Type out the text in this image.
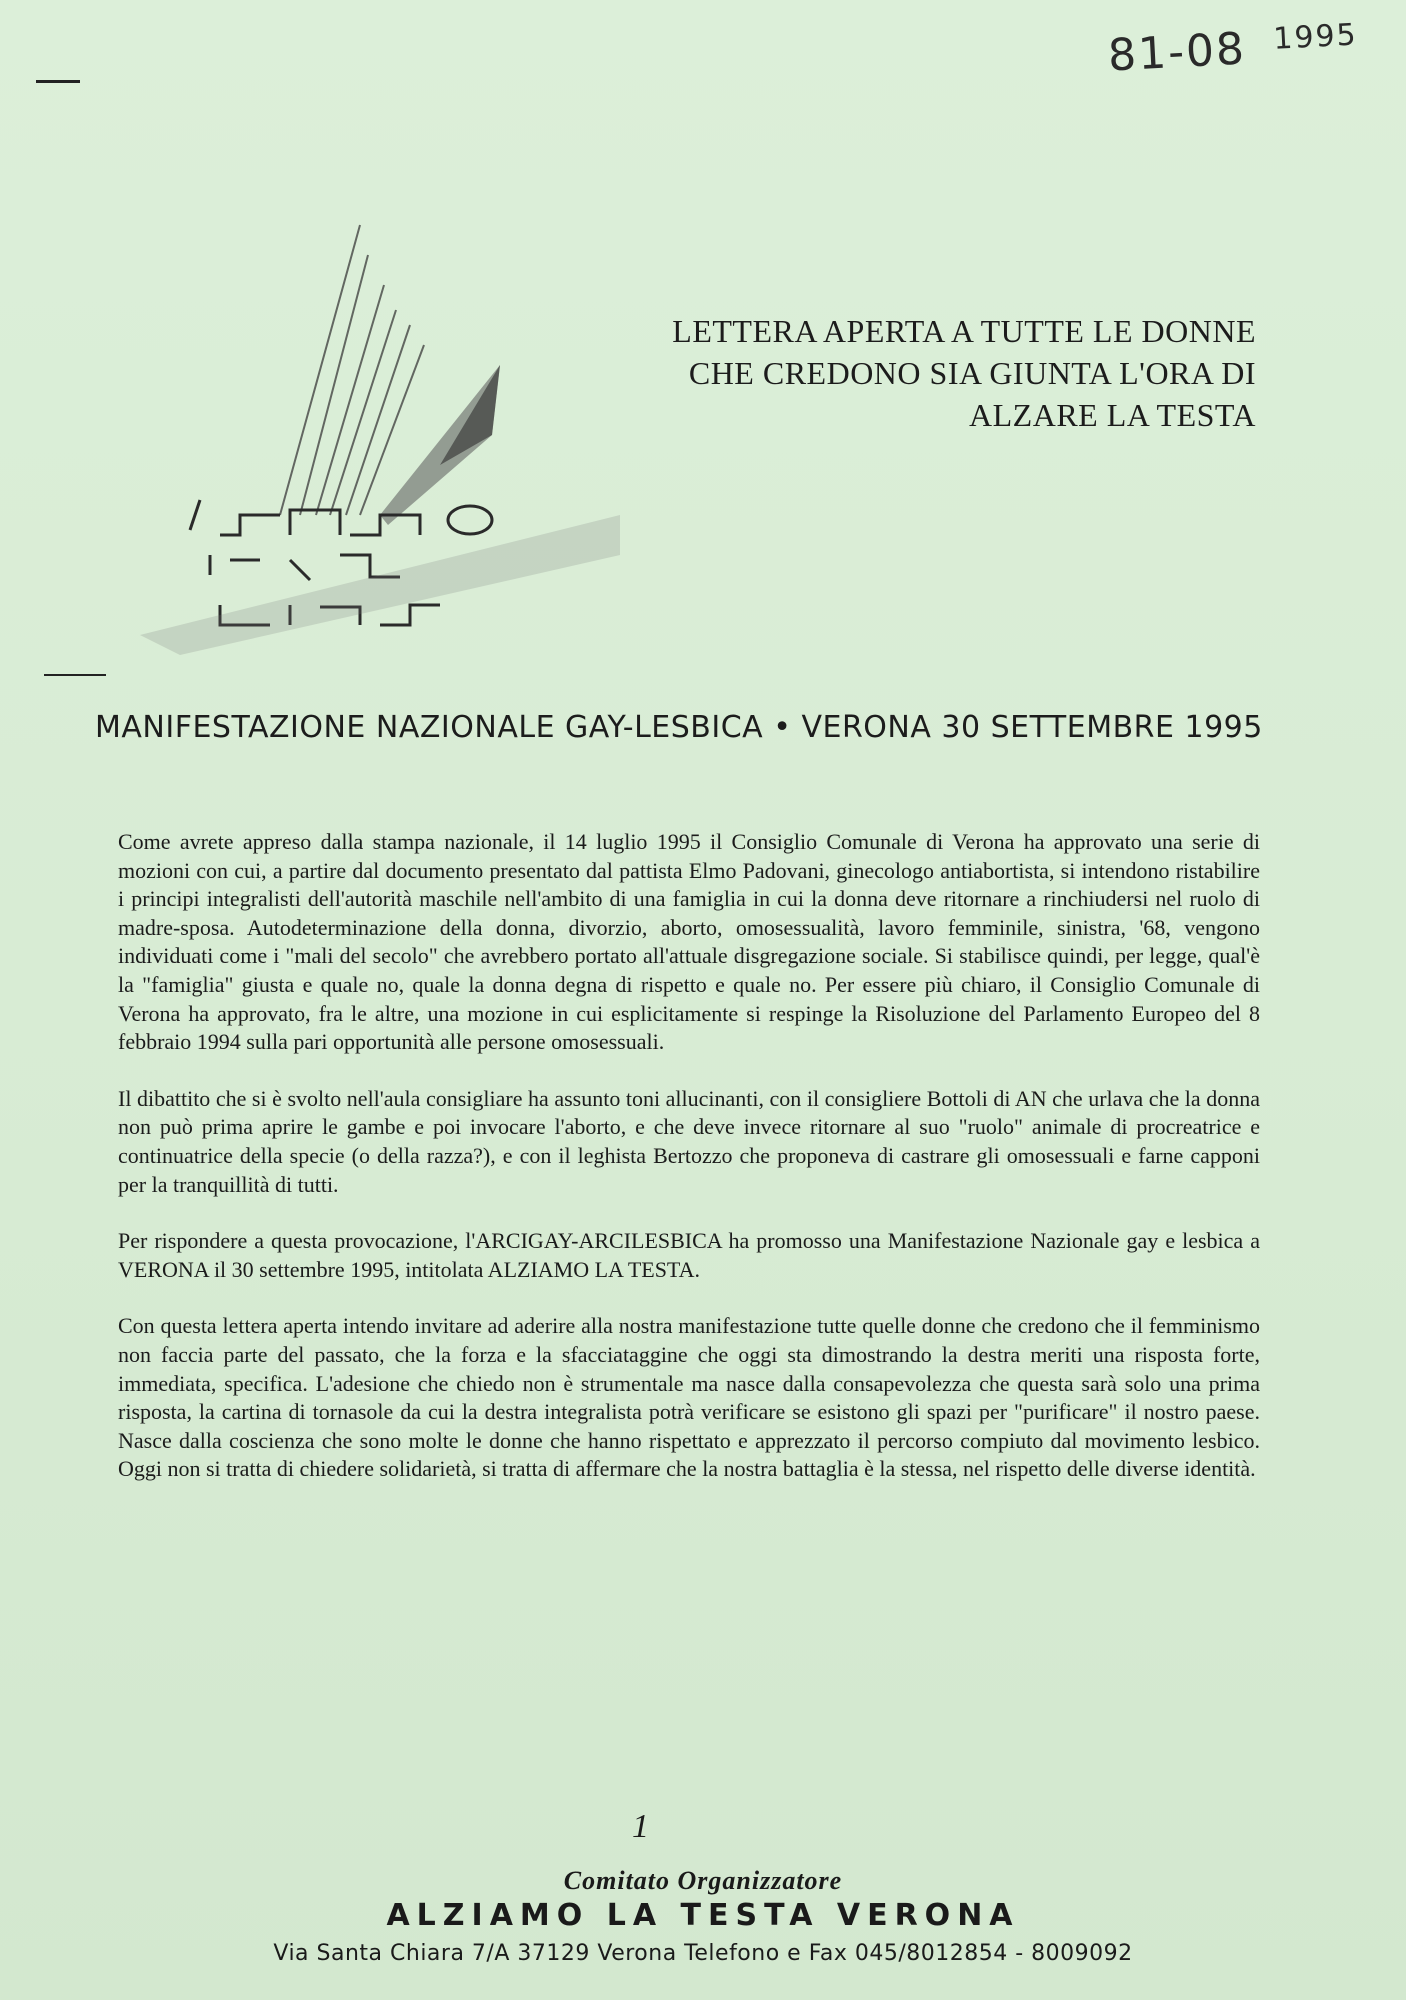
81-08 $^{1995}$
LETTERA APERTA A TUTTE LE DONNE
CHE CREDONO SIA GIUNTA L'ORA DI
ALZARE LA TESTA
MANIFESTAZIONE NAZIONALE GAY-LESBICA • VERONA 30 SETTEMBRE 1995

Come avrete appreso dalla stampa nazionale, il 14 luglio 1995 il Consiglio Comunale di Verona ha approvato una serie di mozioni con cui, a partire dal documento presentato dal pattista Elmo Padovani, ginecologo antiabortista, si intendono ristabilire i principi integralisti dell'autorità maschile nell'ambito di una famiglia in cui la donna deve ritornare a rinchiudersi nel ruolo di madre-sposa. Autodeterminazione della donna, divorzio, aborto, omosessualità, lavoro femminile, sinistra, '68, vengono individuati come i "mali del secolo" che avrebbero portato all'attuale disgregazione sociale. Si stabilisce quindi, per legge, qual'è la "famiglia" giusta e quale no, quale la donna degna di rispetto e quale no. Per essere più chiaro, il Consiglio Comunale di Verona ha approvato, fra le altre, una mozione in cui esplicitamente si respinge la Risoluzione del Parlamento Europeo del 8 febbraio 1994 sulla pari opportunità alle persone omosessuali.

Il dibattito che si è svolto nell'aula consigliare ha assunto toni allucinanti, con il consigliere Bottoli di AN che urlava che la donna non può prima aprire le gambe e poi invocare l'aborto, e che deve invece ritornare al suo "ruolo" animale di procreatrice e continuatrice della specie (o della razza?), e con il leghista Bertozzo che proponeva di castrare gli omosessuali e farne capponi per la tranquillità di tutti.

Per rispondere a questa provocazione, l'ARCIGAY-ARCILESBICA ha promosso una Manifestazione Nazionale gay e lesbica a VERONA il 30 settembre 1995, intitolata ALZIAMO LA TESTA.

Con questa lettera aperta intendo invitare ad aderire alla nostra manifestazione tutte quelle donne che credono che il femminismo non faccia parte del passato, che la forza e la sfacciataggine che oggi sta dimostrando la destra meriti una risposta forte, immediata, specifica. L'adesione che chiedo non è strumentale ma nasce dalla consapevolezza che questa sarà solo una prima risposta, la cartina di tornasole da cui la destra integralista potrà verificare se esistono gli spazi per "purificare" il nostro paese. Nasce dalla coscienza che sono molte le donne che hanno rispettato e apprezzato il percorso compiuto dal movimento lesbico. Oggi non si tratta di chiedere solidarietà, si tratta di affermare che la nostra battaglia è la stessa, nel rispetto delle diverse identità.

1
Comitato Organizzatore
ALZIAMO LA TESTA VERONA
Via Santa Chiara 7/A 37129 Verona Telefono e Fax 045/8012854 - 8009092
